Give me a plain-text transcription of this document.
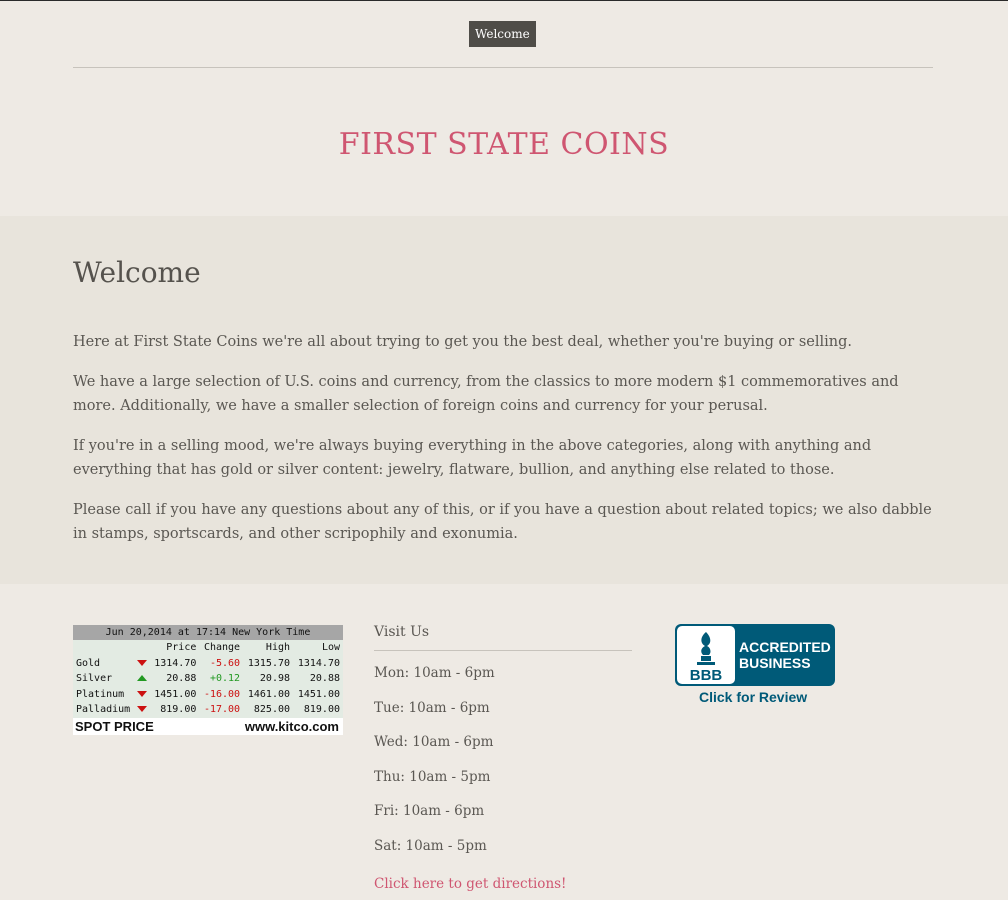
Welcome
FIRST STATE COINS
Welcome

Here at First State Coins we're all about trying to get you the best deal, whether you're buying or selling.

We have a large selection of U.S. coins and currency, from the classics to more modern $1 commemoratives and more. Additionally, we have a smaller selection of foreign coins and currency for your perusal.

If you're in a selling mood, we're always buying everything in the above categories, along with anything and everything that has gold or silver content: jewelry, flatware, bullion, and anything else related to those.

Please call if you have any questions about any of this, or if you have a question about related topics; we also dabble in stamps, sportscards, and other scripophily and exonumia.

Jun 20,2014 at 17:14 New York Time
		Price	Change	High	Low
Gold		1314.70	-5.60	1315.70	1314.70
Silver		20.88	+0.12	20.98	20.88
Platinum		1451.00	-16.00	1461.00	1451.00
Palladium		819.00	-17.00	825.00	819.00
SPOT PRICE	www.kitco.com
Visit Us
Mon: 10am - 6pm
Tue: 10am - 6pm
Wed: 10am - 6pm
Thu: 10am - 5pm
Fri: 10am - 6pm
Sat: 10am - 5pm
Click here to get directions!
BBB
ACCREDITED
BUSINESS
Click for Review
